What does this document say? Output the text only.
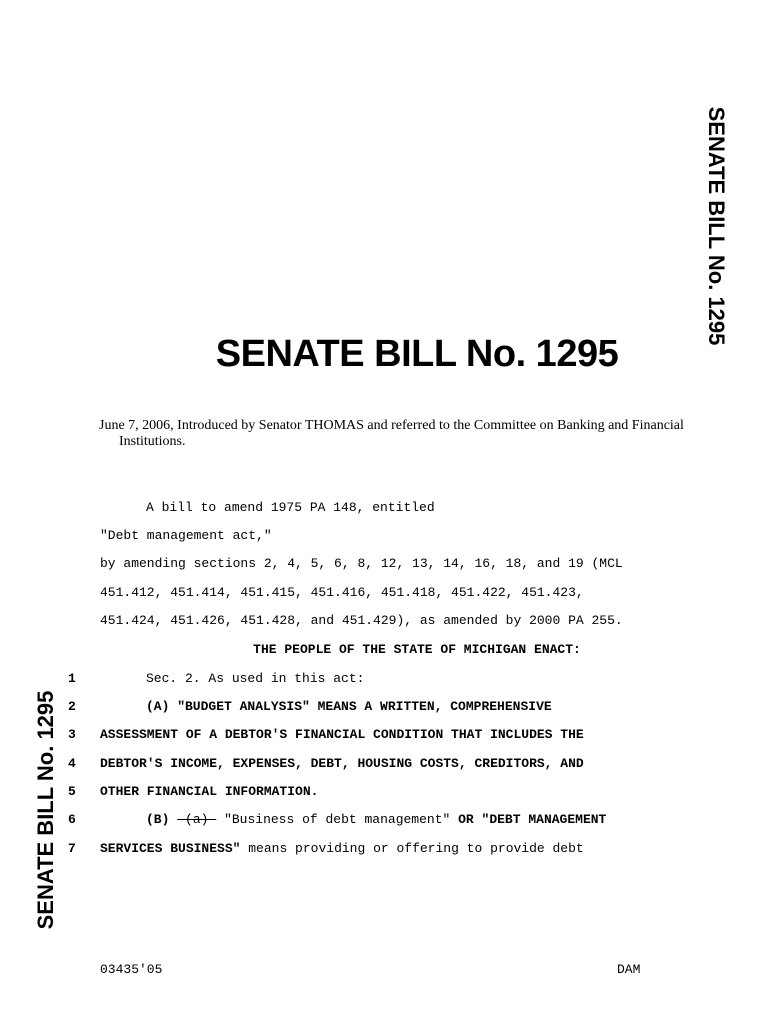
SENATE BILL No. 1295
SENATE BILL No. 1295
SENATE BILL No. 1295
June 7, 2006, Introduced by Senator THOMAS and referred to the Committee on Banking and Financial Institutions.
A bill to amend 1975 PA 148, entitled
"Debt management act,"
by amending sections 2, 4, 5, 6, 8, 12, 13, 14, 16, 18, and 19 (MCL
451.412, 451.414, 451.415, 451.416, 451.418, 451.422, 451.423,
451.424, 451.426, 451.428, and 451.429), as amended by 2000 PA 255.
THE PEOPLE OF THE STATE OF MICHIGAN ENACT:
1	Sec. 2. As used in this act:
2	(A) "BUDGET ANALYSIS" MEANS A WRITTEN, COMPREHENSIVE
3	ASSESSMENT OF A DEBTOR'S FINANCIAL CONDITION THAT INCLUDES THE
4	DEBTOR'S INCOME, EXPENSES, DEBT, HOUSING COSTS, CREDITORS, AND
5	OTHER FINANCIAL INFORMATION.
6	(B) (a) "Business of debt management" OR "DEBT MANAGEMENT
7	SERVICES BUSINESS" means providing or offering to provide debt
03435'05	DAM
